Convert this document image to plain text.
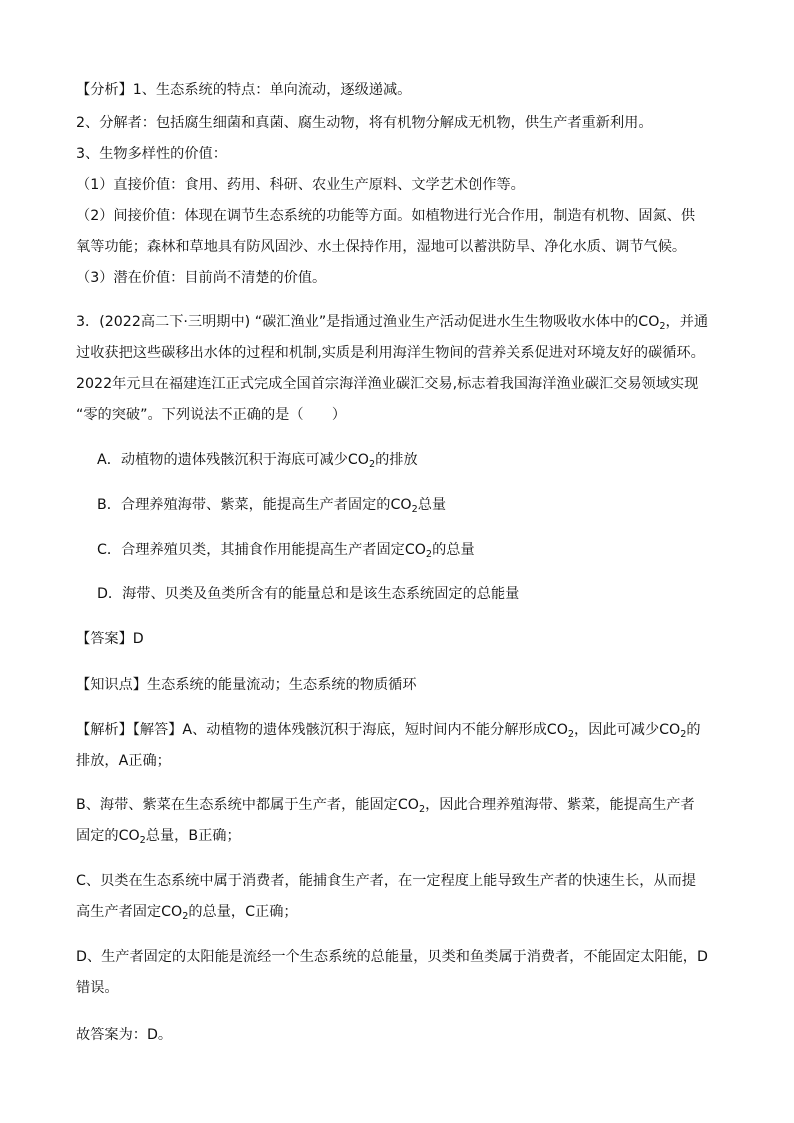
【分析】1、生态系统的特点：单向流动，逐级递减。
2、分解者：包括腐生细菌和真菌、腐生动物，将有机物分解成无机物，供生产者重新利用。
3、生物多样性的价值：
（1）直接价值：食用、药用、科研、农业生产原料、文学艺术创作等。
（2）间接价值：体现在调节生态系统的功能等方面。如植物进行光合作用，制造有机物、固氮、供
氧等功能；森林和草地具有防风固沙、水土保持作用，湿地可以蓄洪防旱、净化水质、调节气候。
（3）潜在价值：目前尚不清楚的价值。
3．(2022高二下·三明期中) “碳汇渔业”是指通过渔业生产活动促进水生生物吸收水体中的$CO_2$，并通
过收获把这些碳移出水体的过程和机制,实质是利用海洋生物间的营养关系促进对环境友好的碳循环。
2022年元旦在福建连江正式完成全国首宗海洋渔业碳汇交易,标志着我国海洋渔业碳汇交易领域实现
“零的突破”。下列说法不正确的是（　　）
A．动植物的遗体残骸沉积于海底可减少$CO_2$的排放
B．合理养殖海带、紫菜，能提高生产者固定的$CO_2$总量
C．合理养殖贝类，其捕食作用能提高生产者固定$CO_2$的总量
D．海带、贝类及鱼类所含有的能量总和是该生态系统固定的总能量
【答案】D
【知识点】生态系统的能量流动；生态系统的物质循环
【解析】【解答】A、动植物的遗体残骸沉积于海底，短时间内不能分解形成$CO_2$，因此可减少$CO_2$的
排放，A正确；
B、海带、紫菜在生态系统中都属于生产者，能固定$CO_2$，因此合理养殖海带、紫菜，能提高生产者
固定的$CO_2$总量，B正确；
C、贝类在生态系统中属于消费者，能捕食生产者，在一定程度上能导致生产者的快速生长，从而提
高生产者固定$CO_2$的总量，C正确；
D、生产者固定的太阳能是流经一个生态系统的总能量，贝类和鱼类属于消费者，不能固定太阳能，D
错误。
故答案为：D。
